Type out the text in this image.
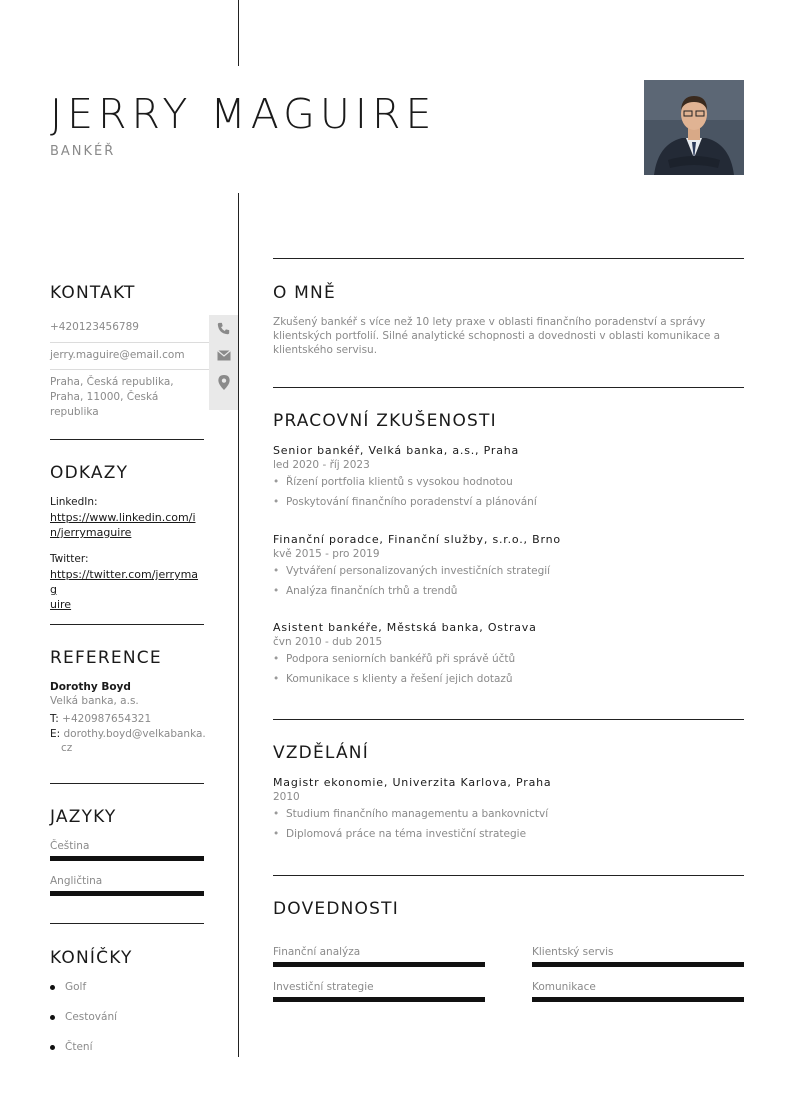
JERRY MAGUIRE
BANKÉŘ
KONTAKT
+420123456789
jerry.maguire@email.com
Praha, Česká republika,
Praha, 11000, Česká republika
ODKAZY
LinkedIn:
https://www.linkedin.com/i
n/jerrymaguire
Twitter:
https://twitter.com/jerrymag
uire
REFERENCE
Dorothy Boyd
Velká banka, a.s.
T: +420987654321
E: dorothy.boyd@velkabanka.
cz
JAZYKY
Čeština
Angličtina
KONÍČKY
Golf
Cestování
Čtení
O MNĚ
Zkušený bankéř s více než 10 lety praxe v oblasti finančního poradenství a správy
klientských portfolií. Silné analytické schopnosti a dovednosti v oblasti komunikace a
klientského servisu.
PRACOVNÍ ZKUŠENOSTI
Senior bankéř, Velká banka, a.s., Praha
led 2020 - říj 2023
• Řízení portfolia klientů s vysokou hodnotou
• Poskytování finančního poradenství a plánování
Finanční poradce, Finanční služby, s.r.o., Brno
kvě 2015 - pro 2019
• Vytváření personalizovaných investičních strategií
• Analýza finančních trhů a trendů
Asistent bankéře, Městská banka, Ostrava
čvn 2010 - dub 2015
• Podpora seniorních bankéřů při správě účtů
• Komunikace s klienty a řešení jejich dotazů
VZDĚLÁNÍ
Magistr ekonomie, Univerzita Karlova, Praha
2010
• Studium finančního managementu a bankovnictví
• Diplomová práce na téma investiční strategie
DOVEDNOSTI
Finanční analýza	Klientský servis
Investiční strategie	Komunikace
